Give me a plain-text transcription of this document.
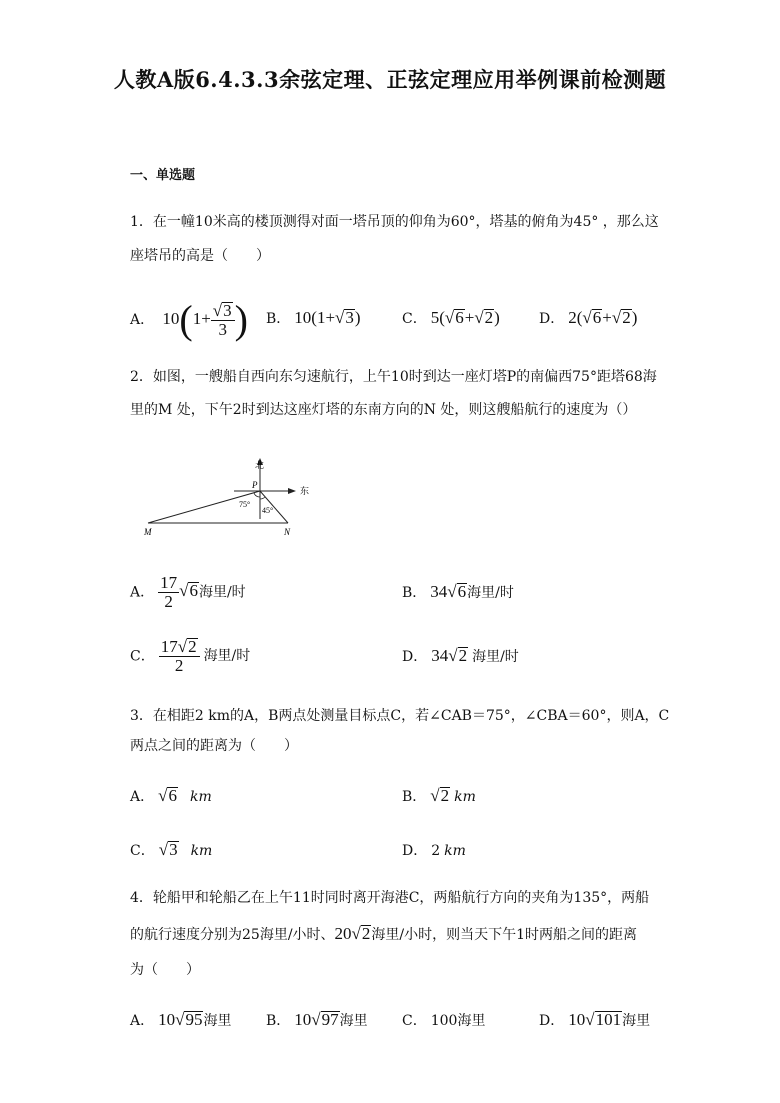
人教A版6.4.3.3余弦定理、正弦定理应用举例课前检测题
一、单选题
1．在一幢10米高的楼顶测得对面一塔吊顶的仰角为60°，塔基的俯角为45° ，那么这
座塔吊的高是（　　）
A． $10(1+ \frac{√3}{3}$ ) B． 10(1+√3)	C． 5(√6+√2)	D． 2(√6+√2)
2．如图，一艘船自西向东匀速航行，上午10时到达一座灯塔P的南偏西75°距塔68海
里的M 处，下午2时到达这座灯塔的东南方向的N 处，则这艘船航行的速度为（）
北
东
P
75°
45°
M	N
A． $\frac{17}{2} √6$海里/时	B． 34√6海里/时
C． $\frac{17√2}{2}$ 海里/时	D． 34√2 海里/时
3．在相距2 km的A，B两点处测量目标点C，若∠CAB＝75°，∠CBA＝60°，则A，C
两点之间的距离为（　　）
A． √6 km	B． √2 km
C． √3 km	D． 2 km
4．轮船甲和轮船乙在上午11时同时离开海港C，两船航行方向的夹角为135°，两船
的航行速度分别为25海里/小时、20√2海里/小时，则当天下午1时两船之间的距离
为（　　）
A． 10√95海里 B． 10√97海里 C． 100海里	D． 10√101海里
